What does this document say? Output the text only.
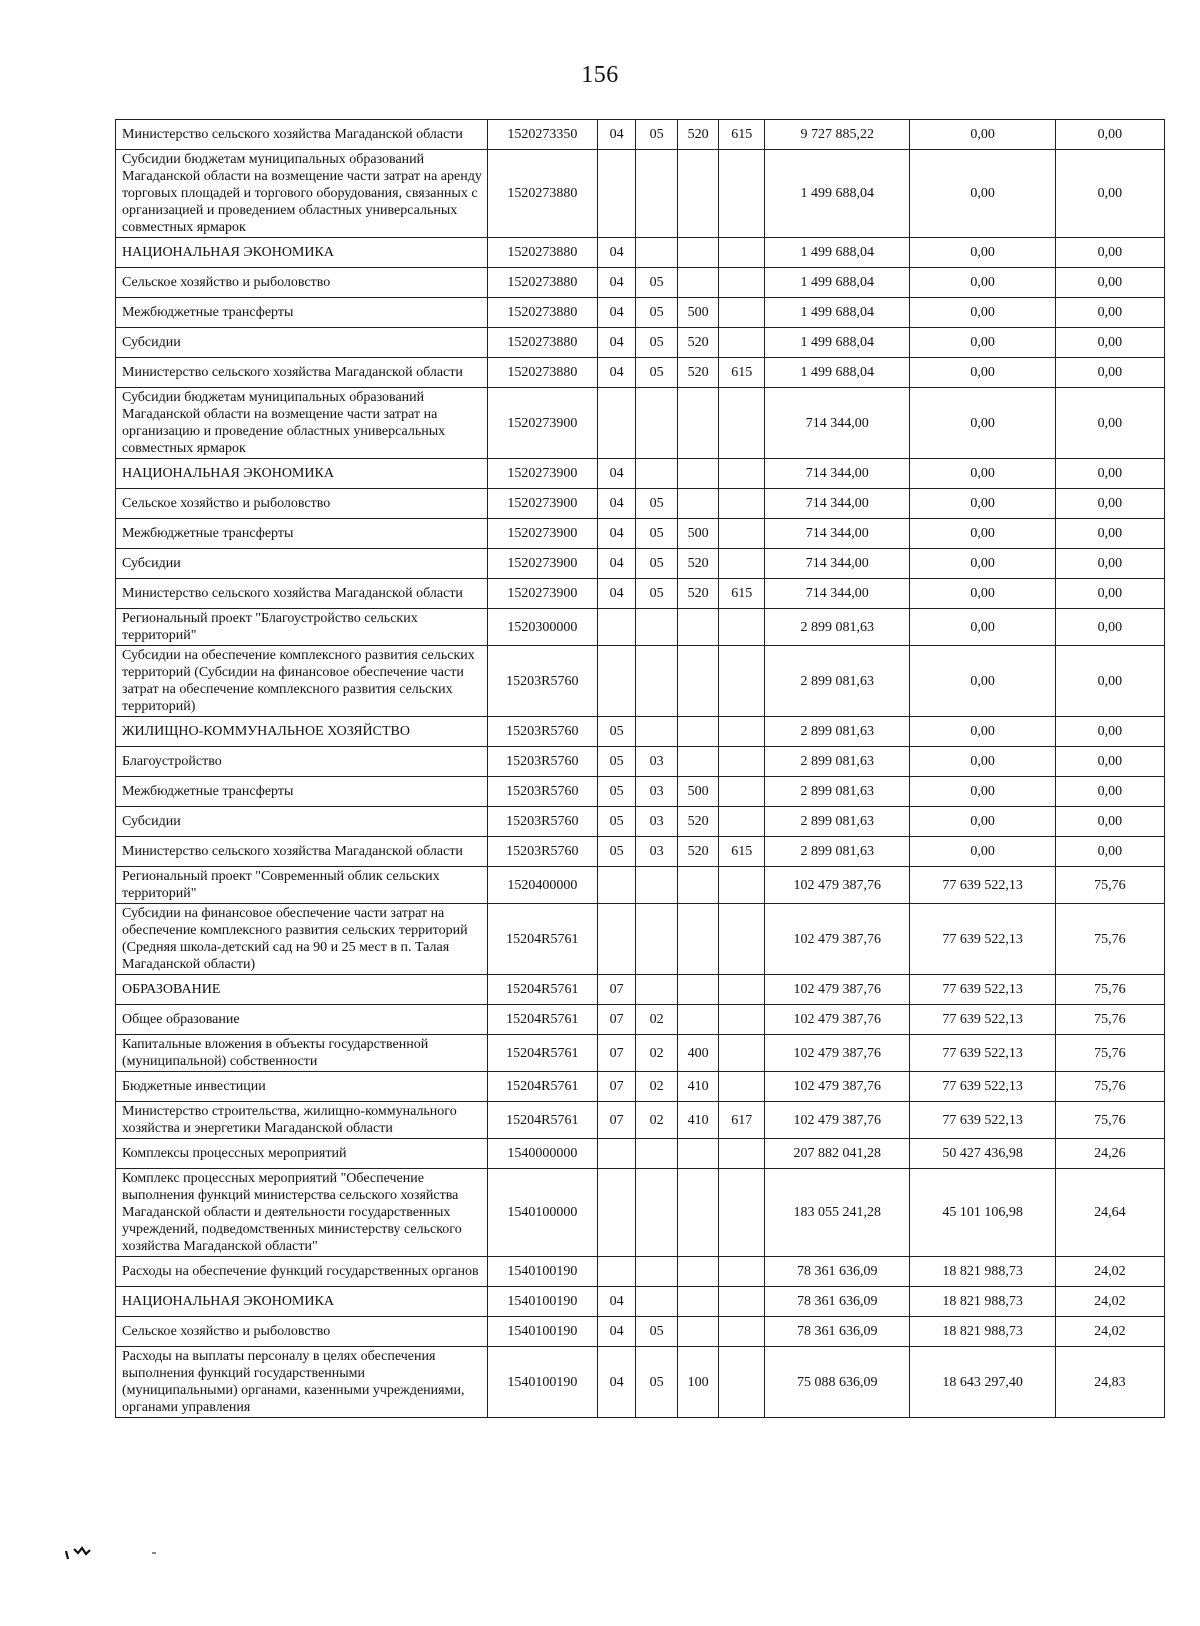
156
Министерство сельского хозяйства Магаданской области	1520273350	04	05	520	615	9 727 885,22	0,00	0,00
Субсидии бюджетам муниципальных образований Магаданской области на возмещение части затрат на аренду торговых площадей и торгового оборудования, связанных с организацией и проведением областных универсальных совместных ярмарок	1520273880					1 499 688,04	0,00	0,00
НАЦИОНАЛЬНАЯ ЭКОНОМИКА	1520273880	04				1 499 688,04	0,00	0,00
Сельское хозяйство и рыболовство	1520273880	04	05			1 499 688,04	0,00	0,00
Межбюджетные трансферты	1520273880	04	05	500		1 499 688,04	0,00	0,00
Субсидии	1520273880	04	05	520		1 499 688,04	0,00	0,00
Министерство сельского хозяйства Магаданской области	1520273880	04	05	520	615	1 499 688,04	0,00	0,00
Субсидии бюджетам муниципальных образований Магаданской области на возмещение части затрат на организацию и проведение областных универсальных совместных ярмарок	1520273900					714 344,00	0,00	0,00
НАЦИОНАЛЬНАЯ ЭКОНОМИКА	1520273900	04				714 344,00	0,00	0,00
Сельское хозяйство и рыболовство	1520273900	04	05			714 344,00	0,00	0,00
Межбюджетные трансферты	1520273900	04	05	500		714 344,00	0,00	0,00
Субсидии	1520273900	04	05	520		714 344,00	0,00	0,00
Министерство сельского хозяйства Магаданской области	1520273900	04	05	520	615	714 344,00	0,00	0,00
Региональный проект "Благоустройство сельских территорий"	1520300000					2 899 081,63	0,00	0,00
Субсидии на обеспечение комплексного развития сельских территорий (Субсидии на финансовое обеспечение части затрат на обеспечение комплексного развития сельских территорий)	15203R5760					2 899 081,63	0,00	0,00
ЖИЛИЩНО-КОММУНАЛЬНОЕ ХОЗЯЙСТВО	15203R5760	05				2 899 081,63	0,00	0,00
Благоустройство	15203R5760	05	03			2 899 081,63	0,00	0,00
Межбюджетные трансферты	15203R5760	05	03	500		2 899 081,63	0,00	0,00
Субсидии	15203R5760	05	03	520		2 899 081,63	0,00	0,00
Министерство сельского хозяйства Магаданской области	15203R5760	05	03	520	615	2 899 081,63	0,00	0,00
Региональный проект "Современный облик сельских территорий"	1520400000					102 479 387,76	77 639 522,13	75,76
Субсидии на финансовое обеспечение части затрат на обеспечение комплексного развития сельских территорий (Средняя школа-детский сад на 90 и 25 мест в п. Талая Магаданской области)	15204R5761					102 479 387,76	77 639 522,13	75,76
ОБРАЗОВАНИЕ	15204R5761	07				102 479 387,76	77 639 522,13	75,76
Общее образование	15204R5761	07	02			102 479 387,76	77 639 522,13	75,76
Капитальные вложения в объекты государственной (муниципальной) собственности	15204R5761	07	02	400		102 479 387,76	77 639 522,13	75,76
Бюджетные инвестиции	15204R5761	07	02	410		102 479 387,76	77 639 522,13	75,76
Министерство строительства, жилищно-коммунального хозяйства и энергетики Магаданской области	15204R5761	07	02	410	617	102 479 387,76	77 639 522,13	75,76
Комплексы процессных мероприятий	1540000000					207 882 041,28	50 427 436,98	24,26
Комплекс процессных мероприятий "Обеспечение выполнения функций министерства сельского хозяйства Магаданской области и деятельности государственных учреждений, подведомственных министерству сельского хозяйства Магаданской области"	1540100000					183 055 241,28	45 101 106,98	24,64
Расходы на обеспечение функций государственных органов	1540100190					78 361 636,09	18 821 988,73	24,02
НАЦИОНАЛЬНАЯ ЭКОНОМИКА	1540100190	04				78 361 636,09	18 821 988,73	24,02
Сельское хозяйство и рыболовство	1540100190	04	05			78 361 636,09	18 821 988,73	24,02
Расходы на выплаты персоналу в целях обеспечения выполнения функций государственными (муниципальными) органами, казенными учреждениями, органами управления	1540100190	04	05	100		75 088 636,09	18 643 297,40	24,83
